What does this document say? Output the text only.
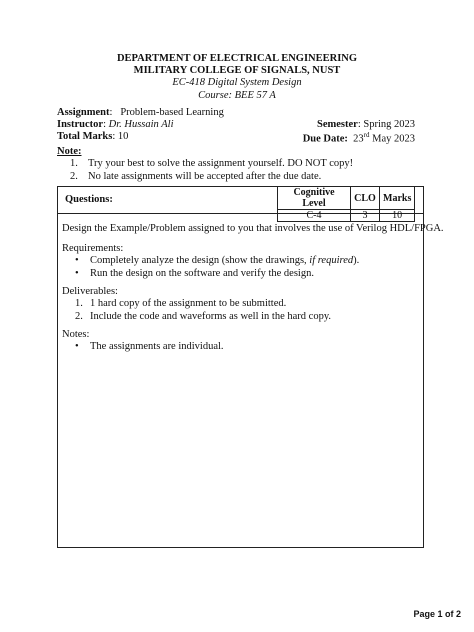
DEPARTMENT OF ELECTRICAL ENGINEERING
MILITARY COLLEGE OF SIGNALS, NUST
EC-418 Digital System Design
Course: BEE 57 A
Assignment:   Problem-based Learning
Instructor: Dr. Hussain Ali
Total Marks: 10
Semester: Spring 2023
Due Date: 23rd May 2023
Note:
1. Try your best to solve the assignment yourself. DO NOT copy!
2. No late assignments will be accepted after the due date.
Questions:
Cognitive Level	CLO	Marks
C-4	3	10
Design the Example/Problem assigned to you that involves the use of Verilog HDL/FPGA.
Requirements:
• Completely analyze the design (show the drawings, if required).
• Run the design on the software and verify the design.
Deliverables:
1. 1 hard copy of the assignment to be submitted.
2. Include the code and waveforms as well in the hard copy.
Notes:
• The assignments are individual.
Page 1 of 2
